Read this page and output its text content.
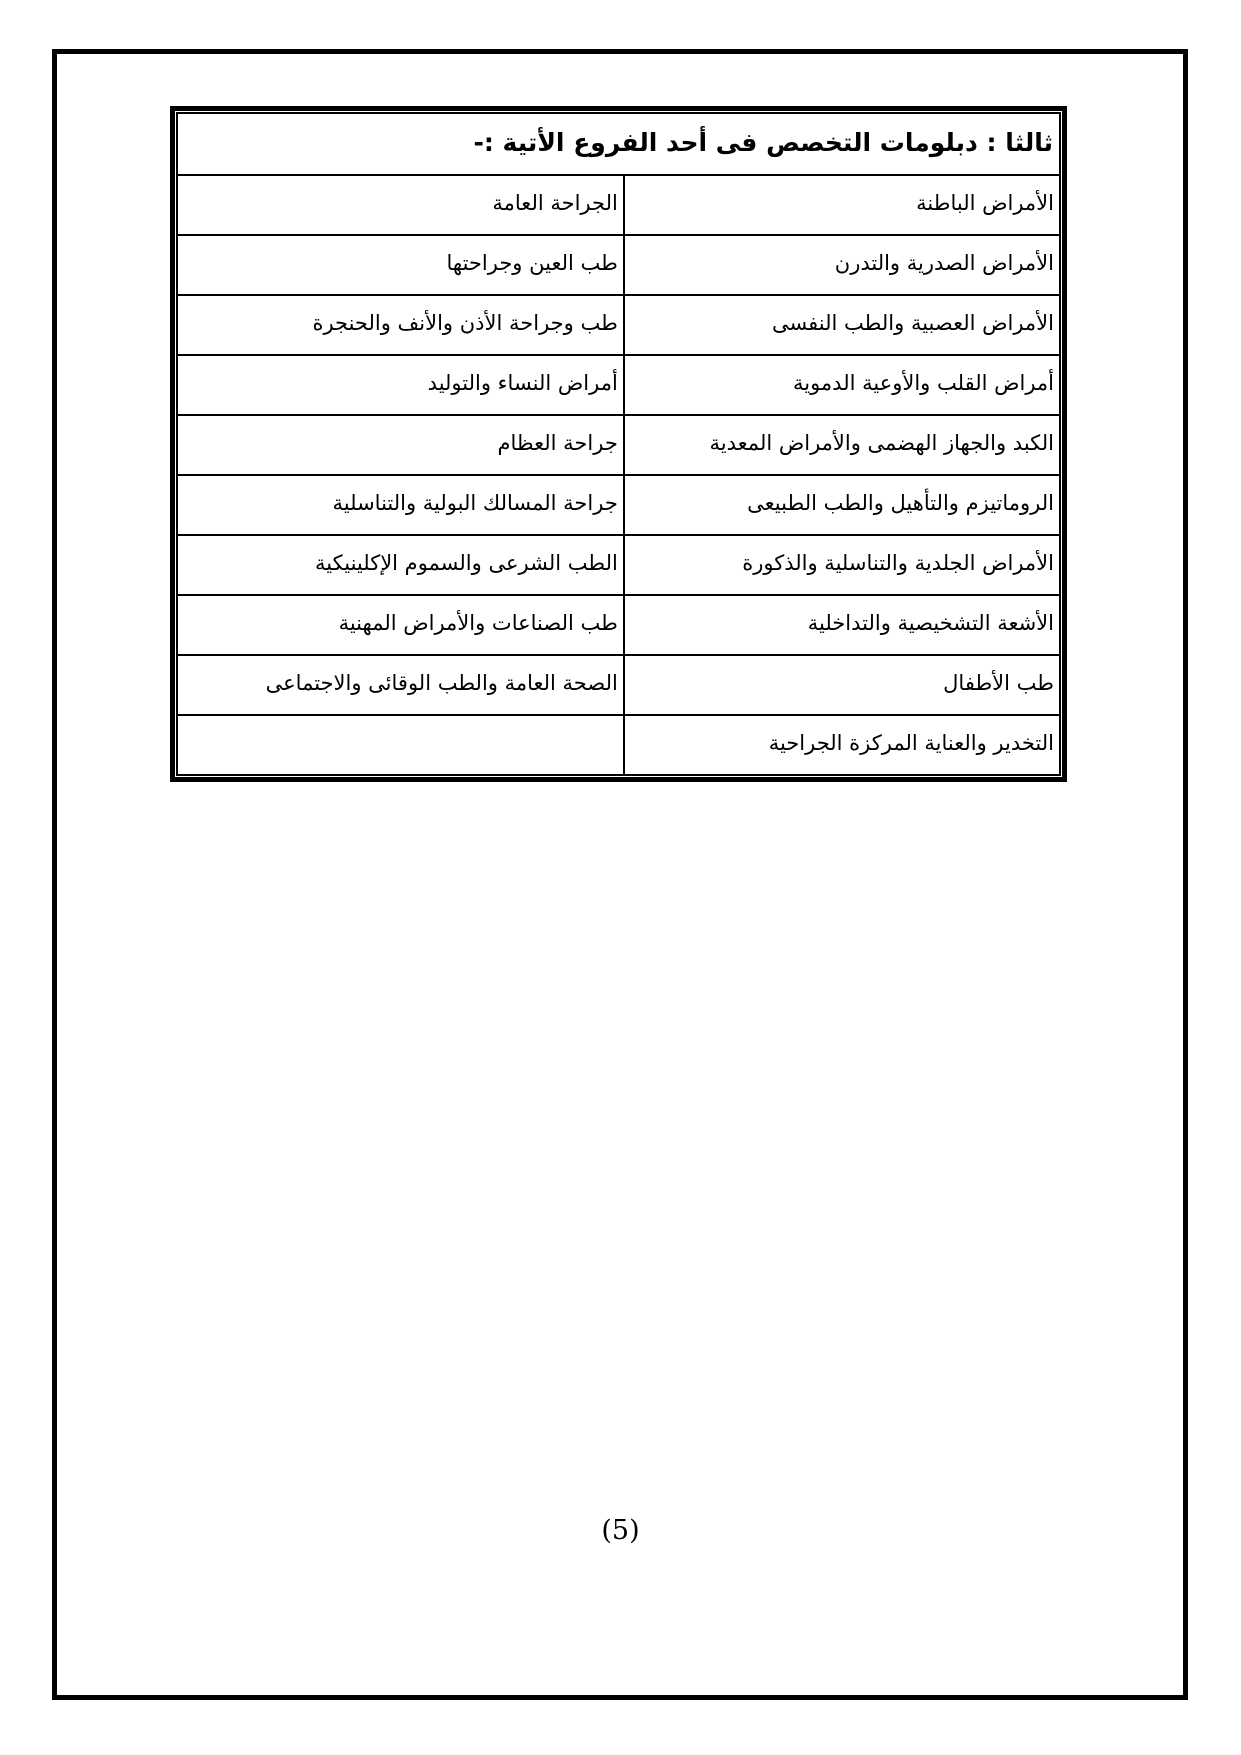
ثالثا : دبلومات التخصص فى أحد الفروع الأتية :-	
الأمراض الباطنة	الجراحة العامة
الأمراض الصدرية والتدرن	طب العين وجراحتها
الأمراض العصبية والطب النفسى	طب وجراحة الأذن والأنف والحنجرة
أمراض القلب والأوعية الدموية	أمراض النساء والتوليد
الكبد والجهاز الهضمى والأمراض المعدية	جراحة العظام
الروماتيزم والتأهيل والطب الطبيعى	جراحة المسالك البولية والتناسلية
الأمراض الجلدية والتناسلية والذكورة	الطب الشرعى والسموم الإكلينيكية
الأشعة التشخيصية والتداخلية	طب الصناعات والأمراض المهنية
طب الأطفال	الصحة العامة والطب الوقائى والاجتماعى
التخدير والعناية المركزة الجراحية	
(5)
